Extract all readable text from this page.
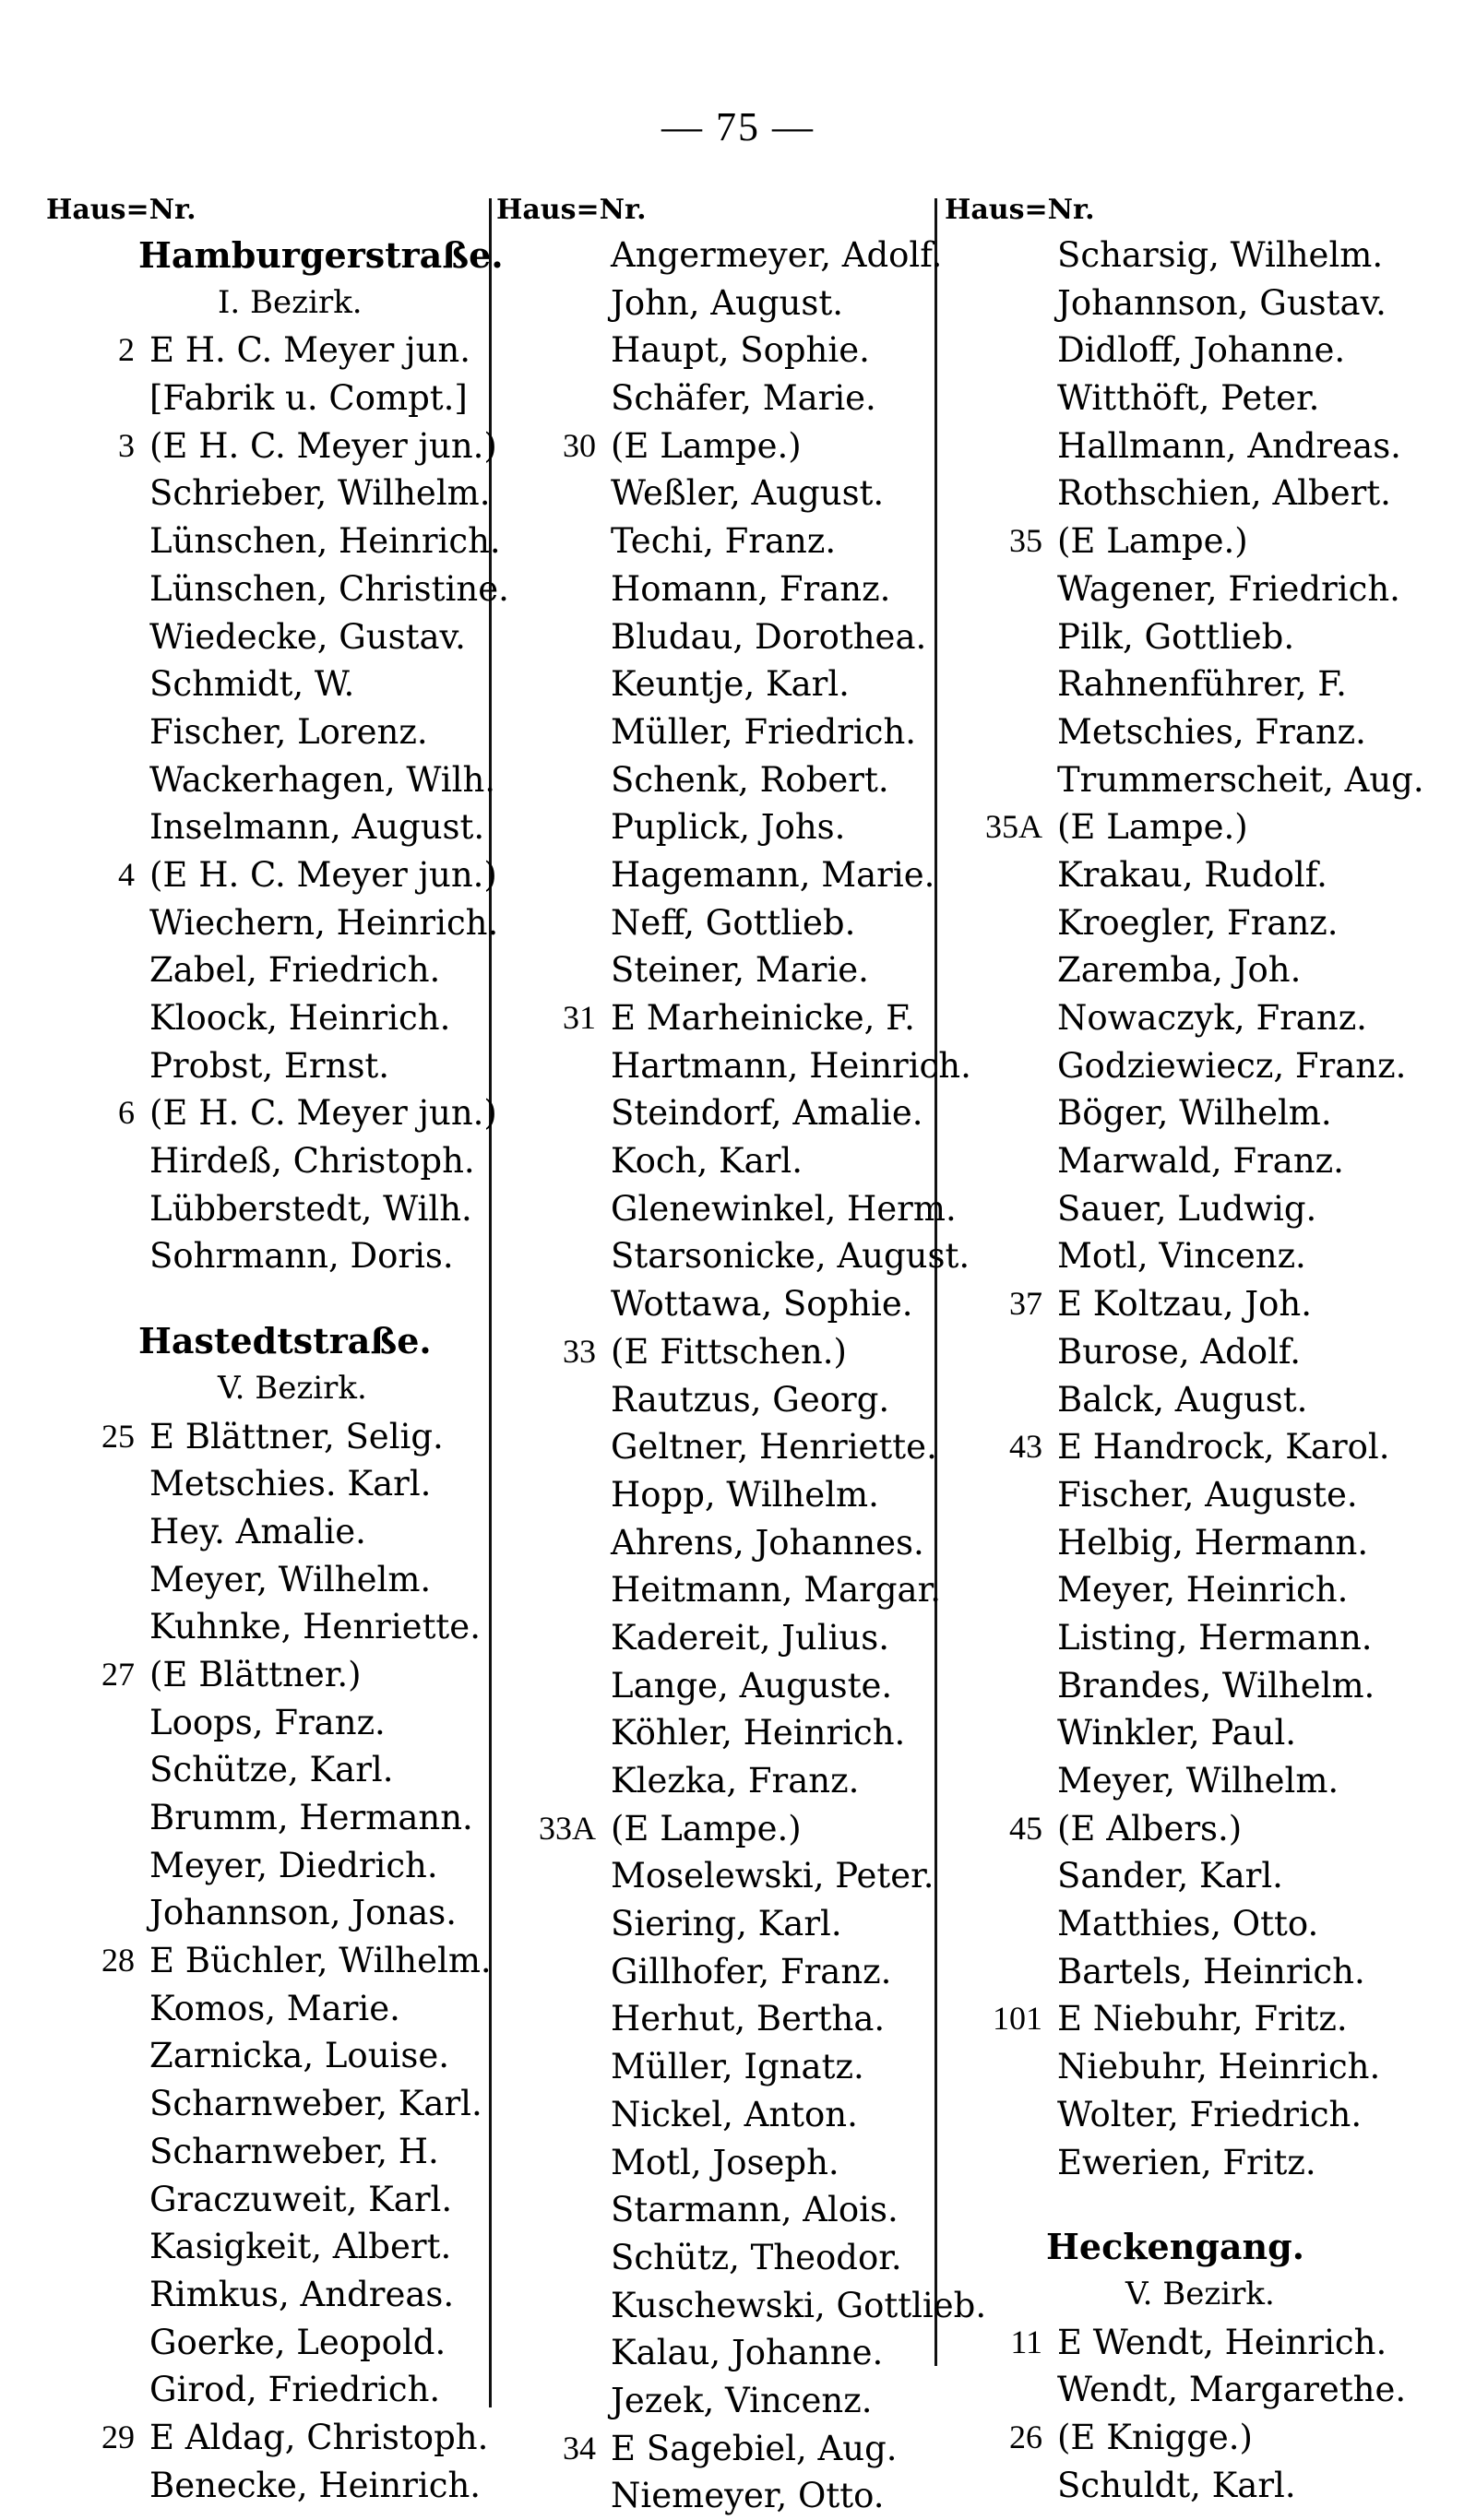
— 75 —
Haus=Nr.
Hamburgerstraße.
I. Bezirk.
2 E H. C. Meyer jun.
[Fabrik u. Compt.]
3 (E H. C. Meyer jun.)
Schrieber, Wilhelm.
Lünschen, Heinrich.
Lünschen, Christine.
Wiedecke, Gustav.
Schmidt, W.
Fischer, Lorenz.
Wackerhagen, Wilh.
Inselmann, August.
4 (E H. C. Meyer jun.)
Wiechern, Heinrich.
Zabel, Friedrich.
Kloock, Heinrich.
Probst, Ernst.
6 (E H. C. Meyer jun.)
Hirdeß, Christoph.
Lübberstedt, Wilh.
Sohrmann, Doris.
Hastedtstraße.
V. Bezirk.
25 E Blättner, Selig.
Metschies. Karl.
Hey. Amalie.
Meyer, Wilhelm.
Kuhnke, Henriette.
27 (E Blättner.)
Loops, Franz.
Schütze, Karl.
Brumm, Hermann.
Meyer, Diedrich.
Johannson, Jonas.
28 E Büchler, Wilhelm.
Komos, Marie.
Zarnicka, Louise.
Scharnweber, Karl.
Scharnweber, H.
Graczuweit, Karl.
Kasigkeit, Albert.
Rimkus, Andreas.
Goerke, Leopold.
Girod, Friedrich.
29 E Aldag, Christoph.
Benecke, Heinrich.
Haus=Nr.
Angermeyer, Adolf.
John, August.
Haupt, Sophie.
Schäfer, Marie.
30 (E Lampe.)
Weßler, August.
Techi, Franz.
Homann, Franz.
Bludau, Dorothea.
Keuntje, Karl.
Müller, Friedrich.
Schenk, Robert.
Puplick, Johs.
Hagemann, Marie.
Neff, Gottlieb.
Steiner, Marie.
31 E Marheinicke, F.
Hartmann, Heinrich.
Steindorf, Amalie.
Koch, Karl.
Glenewinkel, Herm.
Starsonicke, August.
Wottawa, Sophie.
33 (E Fittschen.)
Rautzus, Georg.
Geltner, Henriette.
Hopp, Wilhelm.
Ahrens, Johannes.
Heitmann, Margar.
Kadereit, Julius.
Lange, Auguste.
Köhler, Heinrich.
Klezka, Franz.
33A (E Lampe.)
Moselewski, Peter.
Siering, Karl.
Gillhofer, Franz.
Herhut, Bertha.
Müller, Ignatz.
Nickel, Anton.
Motl, Joseph.
Starmann, Alois.
Schütz, Theodor.
Kuschewski, Gottlieb.
Kalau, Johanne.
Jezek, Vincenz.
34 E Sagebiel, Aug.
Niemeyer, Otto.
Haus=Nr.
Scharsig, Wilhelm.
Johannson, Gustav.
Didloff, Johanne.
Witthöft, Peter.
Hallmann, Andreas.
Rothschien, Albert.
35 (E Lampe.)
Wagener, Friedrich.
Pilk, Gottlieb.
Rahnenführer, F.
Metschies, Franz.
Trummerscheit, Aug.
35A (E Lampe.)
Krakau, Rudolf.
Kroegler, Franz.
Zaremba, Joh.
Nowaczyk, Franz.
Godziewiecz, Franz.
Böger, Wilhelm.
Marwald, Franz.
Sauer, Ludwig.
Motl, Vincenz.
37 E Koltzau, Joh.
Burose, Adolf.
Balck, August.
43 E Handrock, Karol.
Fischer, Auguste.
Helbig, Hermann.
Meyer, Heinrich.
Listing, Hermann.
Brandes, Wilhelm.
Winkler, Paul.
Meyer, Wilhelm.
45 (E Albers.)
Sander, Karl.
Matthies, Otto.
Bartels, Heinrich.
101 E Niebuhr, Fritz.
Niebuhr, Heinrich.
Wolter, Friedrich.
Ewerien, Fritz.
Heckengang.
V. Bezirk.
11 E Wendt, Heinrich.
Wendt, Margarethe.
26 (E Knigge.)
Schuldt, Karl.
